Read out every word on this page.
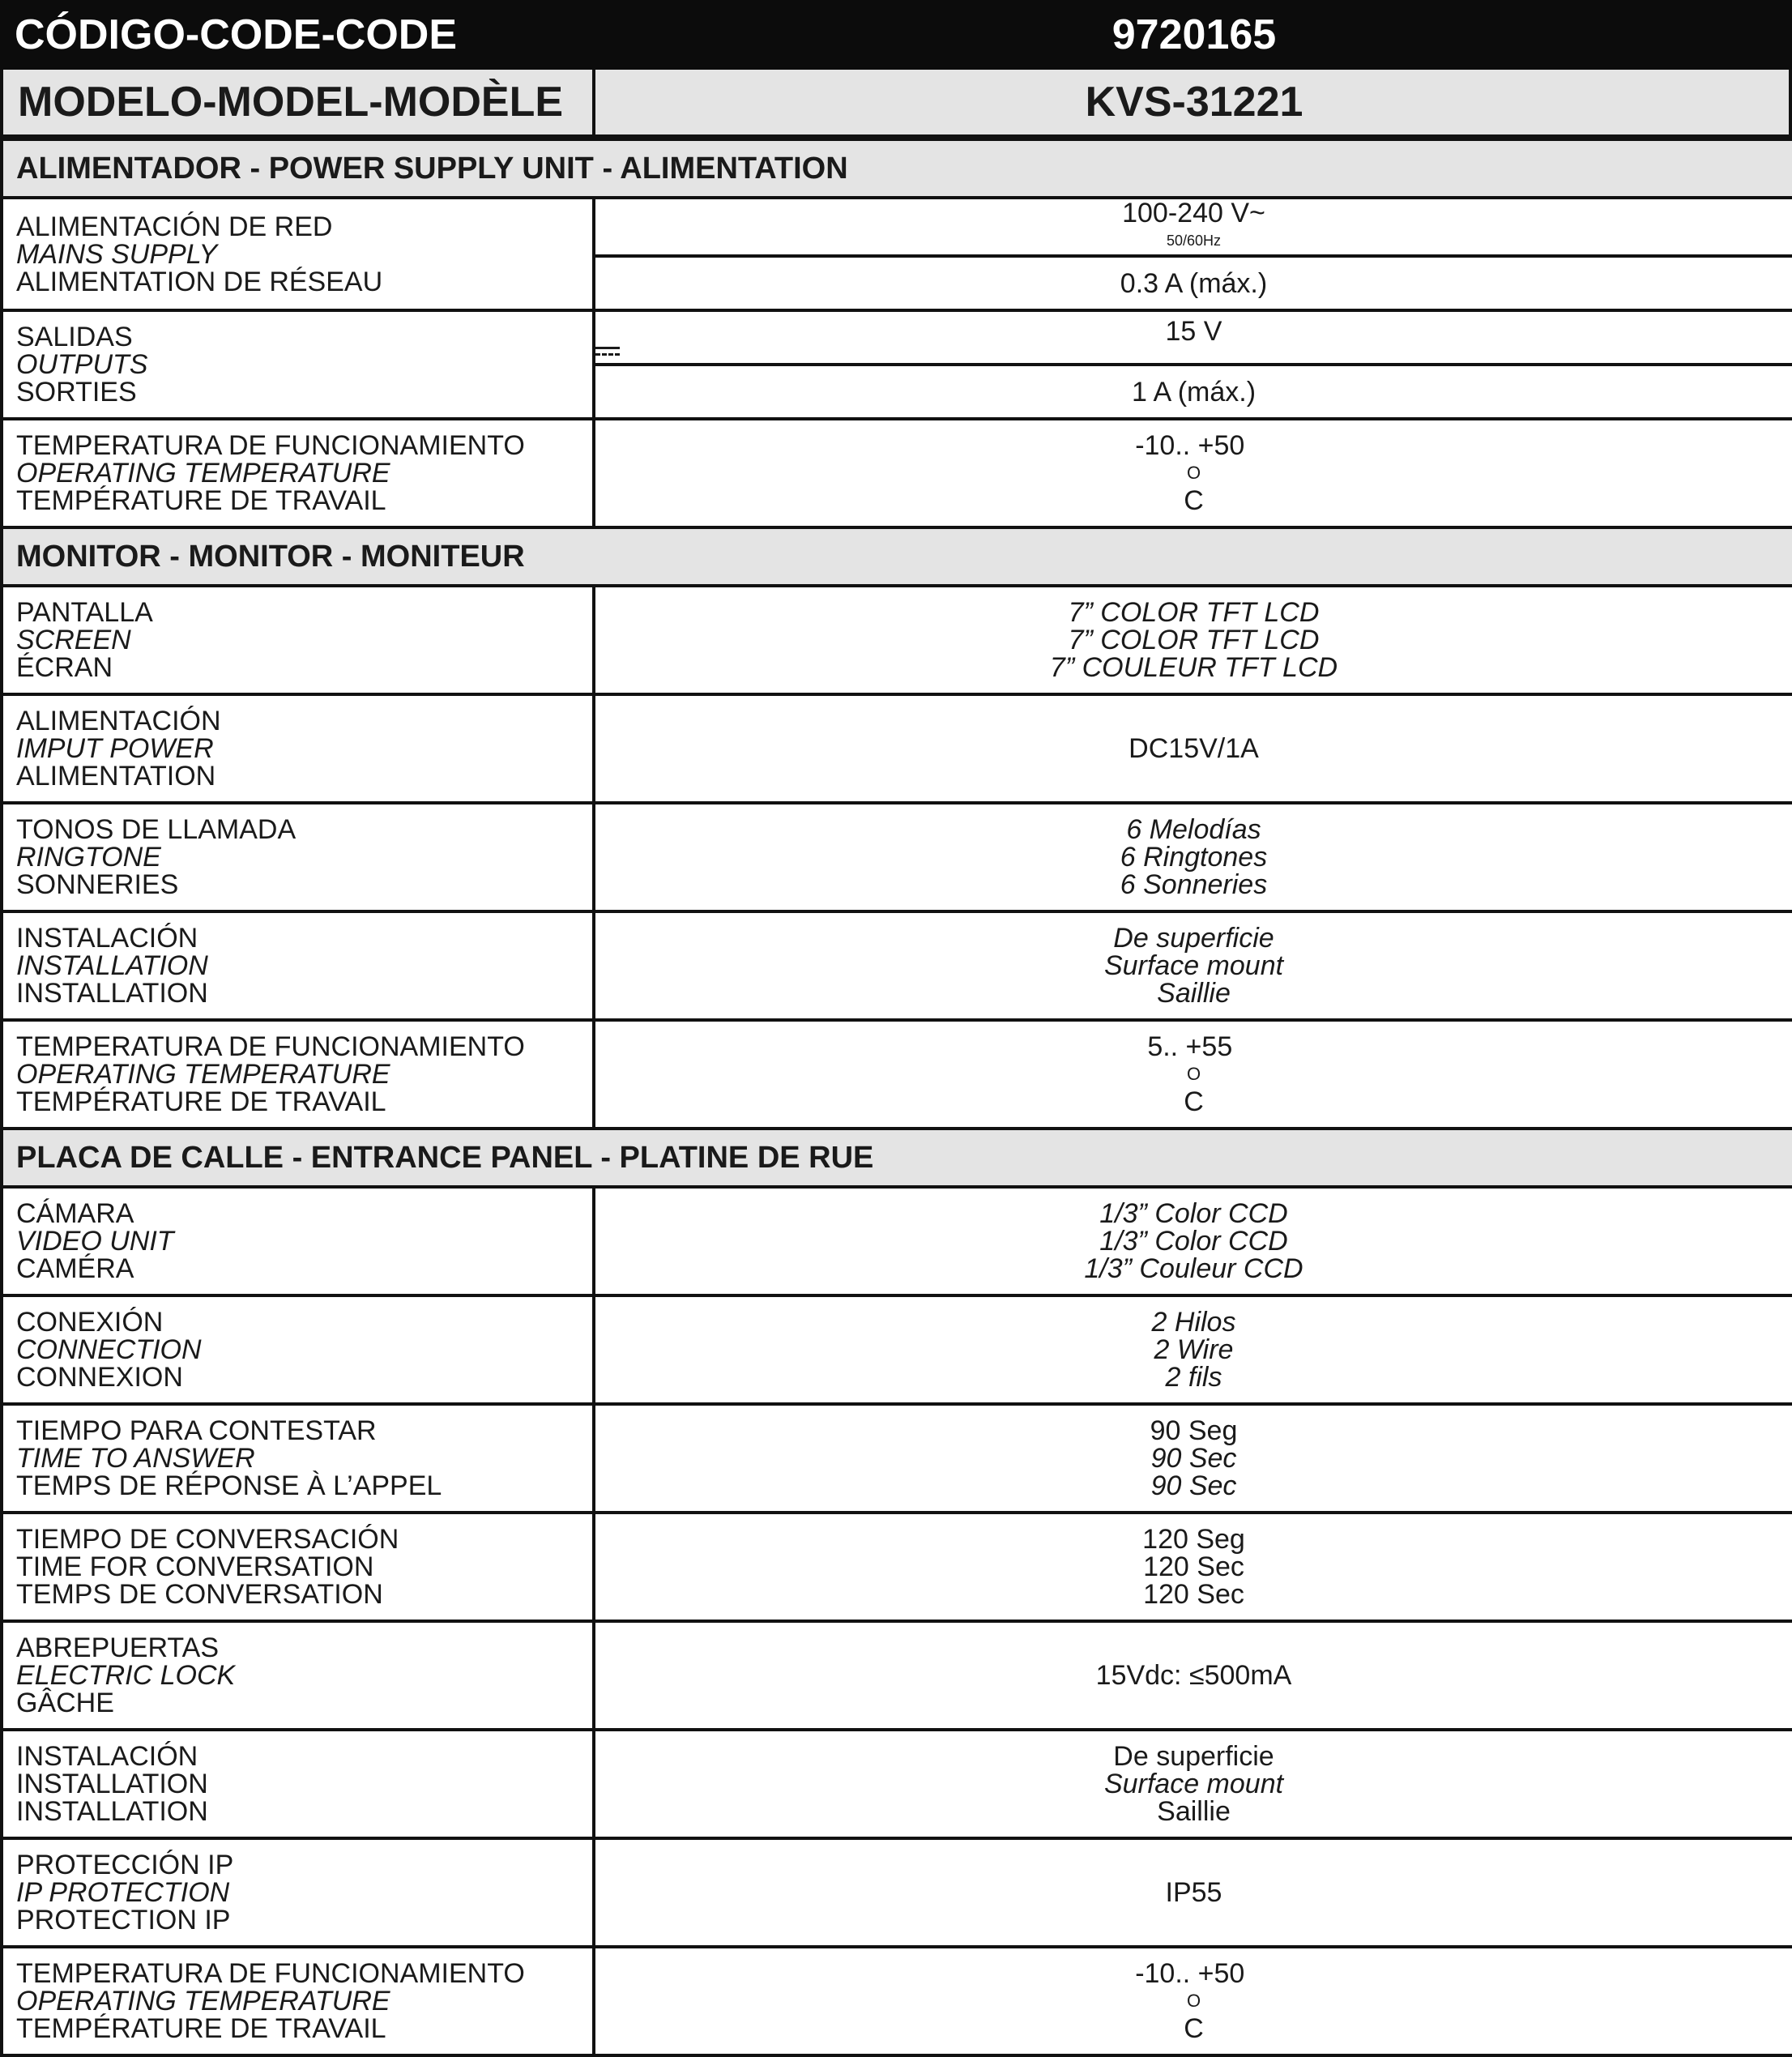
CÓDIGO-CODE-CODE	9720165
MODELO-MODEL-MODÈLE	KVS-31221
ALIMENTADOR - POWER SUPPLY UNIT - ALIMENTATION	

ALIMENTACIÓN DE RED
MAINS SUPPLY
ALIMENTATION DE RÉSEAU	100-240 V~
50/60Hz

	0.3 A (máx.)

SALIDAS
OUTPUTS
SORTIES	15 V

	1 A (máx.)

TEMPERATURA DE FUNCIONAMIENTO
OPERATING TEMPERATURE
TEMPÉRATURE DE TRAVAIL	-10.. +50
O
C
MONITOR - MONITOR - MONITEUR	

PANTALLA
SCREEN
ÉCRAN	7” COLOR TFT LCD
7” COLOR TFT LCD
7” COULEUR TFT LCD

ALIMENTACIÓN
IMPUT POWER
ALIMENTATION	DC15V/1A

TONOS DE LLAMADA
RINGTONE
SONNERIES	6 Melodías
6 Ringtones
6 Sonneries

INSTALACIÓN
INSTALLATION
INSTALLATION	De superficie
Surface mount
Saillie

TEMPERATURA DE FUNCIONAMIENTO
OPERATING TEMPERATURE
TEMPÉRATURE DE TRAVAIL	5.. +55
O
C
PLACA DE CALLE - ENTRANCE PANEL - PLATINE DE RUE	

CÁMARA
VIDEO UNIT
CAMÉRA	1/3” Color CCD
1/3” Color CCD
1/3” Couleur CCD

CONEXIÓN
CONNECTION
CONNEXION	2 Hilos
2 Wire
2 fils

TIEMPO PARA CONTESTAR
TIME TO ANSWER
TEMPS DE RÉPONSE À L’APPEL	90 Seg
90 Sec
90 Sec

TIEMPO DE CONVERSACIÓN
TIME FOR CONVERSATION
TEMPS DE CONVERSATION	120 Seg
120 Sec
120 Sec

ABREPUERTAS
ELECTRIC LOCK
GÂCHE	15Vdc: ≤500mA

INSTALACIÓN
INSTALLATION
INSTALLATION	De superficie
Surface mount
Saillie

PROTECCIÓN IP
IP PROTECTION
PROTECTION IP	IP55

TEMPERATURA DE FUNCIONAMIENTO
OPERATING TEMPERATURE
TEMPÉRATURE DE TRAVAIL	-10.. +50
O
C
